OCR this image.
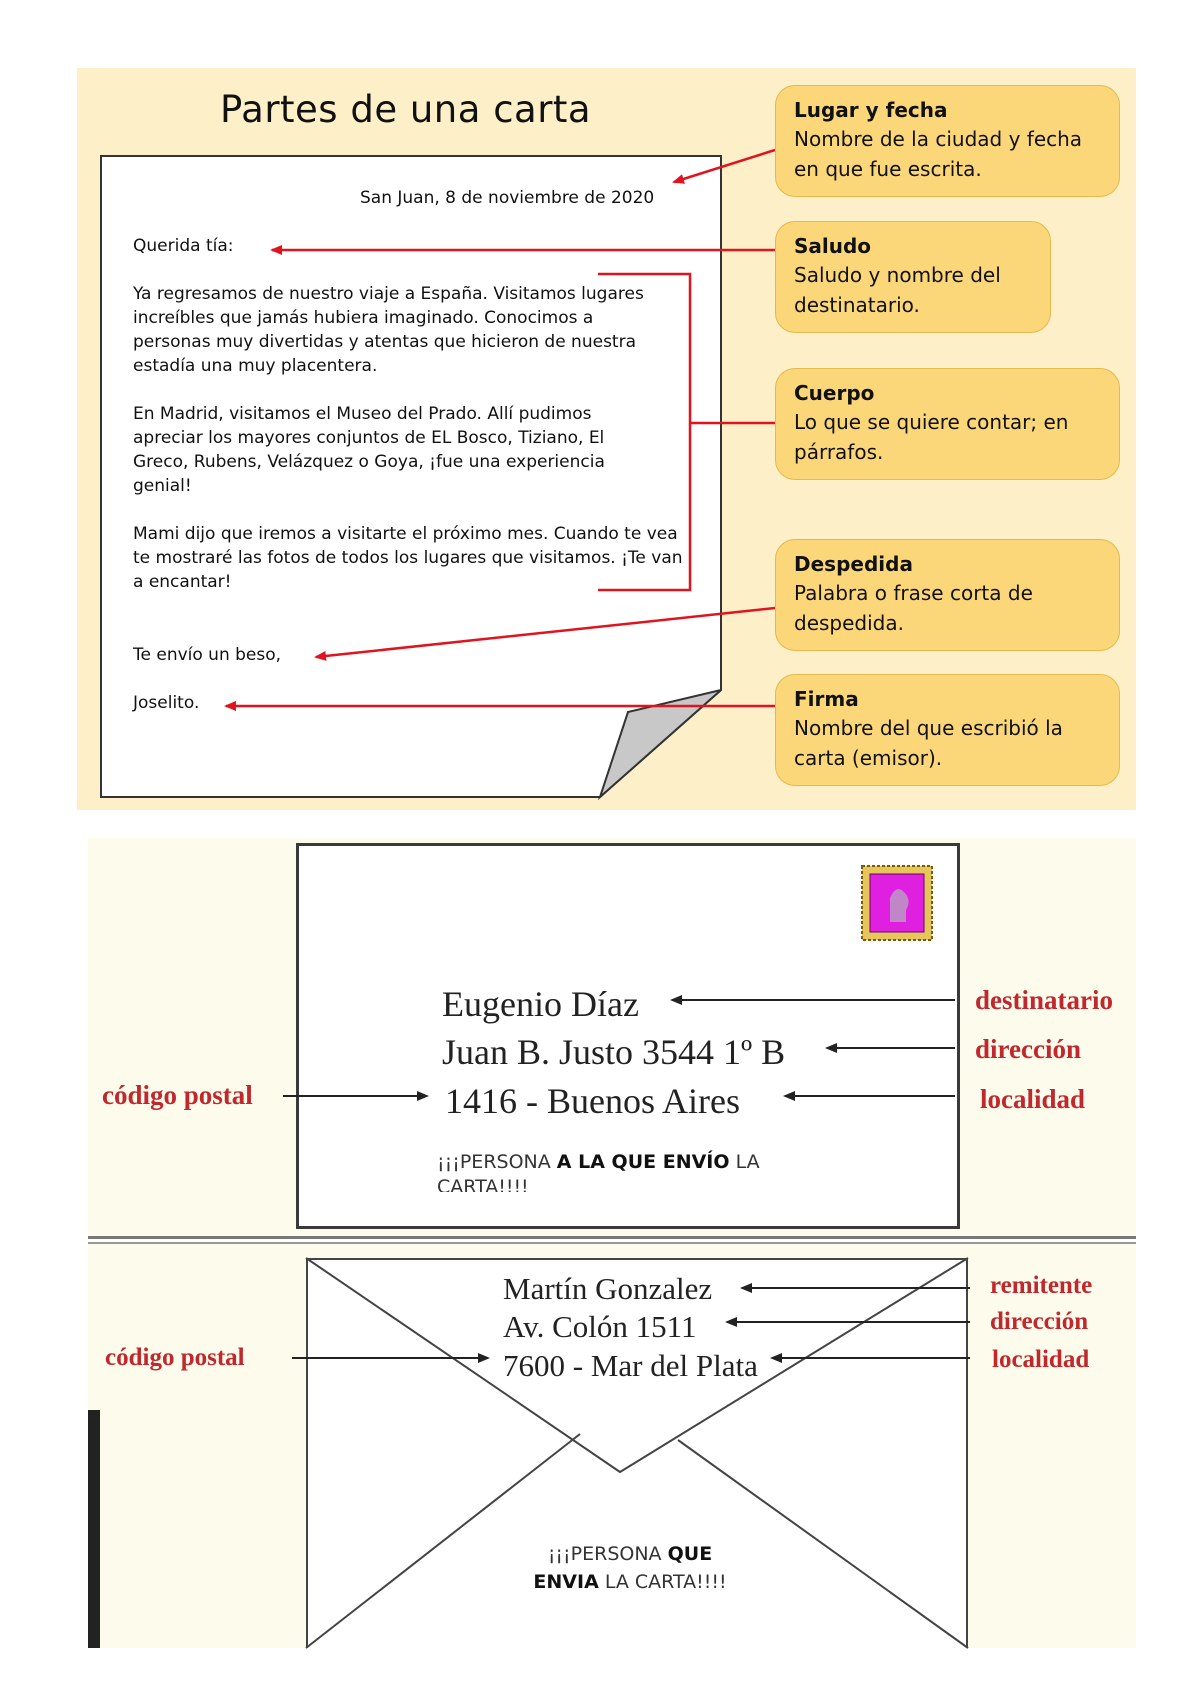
Partes de una carta
San Juan, 8 de noviembre de 2020
Querida tía:
Ya regresamos de nuestro viaje a España. Visitamos lugares increíbles que jamás hubiera imaginado. Conocimos a personas muy divertidas y atentas que hicieron de nuestra estadía una muy placentera.
En Madrid, visitamos el Museo del Prado. Allí pudimos apreciar los mayores conjuntos de EL Bosco, Tiziano, El Greco, Rubens, Velázquez o Goya, ¡fue una experiencia genial!
Mami dijo que iremos a visitarte el próximo mes. Cuando te vea te mostraré las fotos de todos los lugares que visitamos. ¡Te van a encantar!
Te envío un beso,
Joselito.
Lugar y fecha
Nombre de la ciudad y fecha en que fue escrita.
Saludo
Saludo y nombre del destinatario.
Cuerpo
Lo que se quiere contar; en párrafos.
Despedida
Palabra o frase corta de despedida.
Firma
Nombre del que escribió la carta (emisor).
Eugenio Díaz
Juan B. Justo 3544 1º B
1416 - Buenos Aires
destinatario
dirección
localidad
código postal
¡¡¡PERSONA A LA QUE ENVÍO LA CARTA!!!!
Martín Gonzalez
Av. Colón 1511
7600 - Mar del Plata
remitente
dirección
localidad
código postal
¡¡¡PERSONA QUE
ENVIA LA CARTA!!!!
